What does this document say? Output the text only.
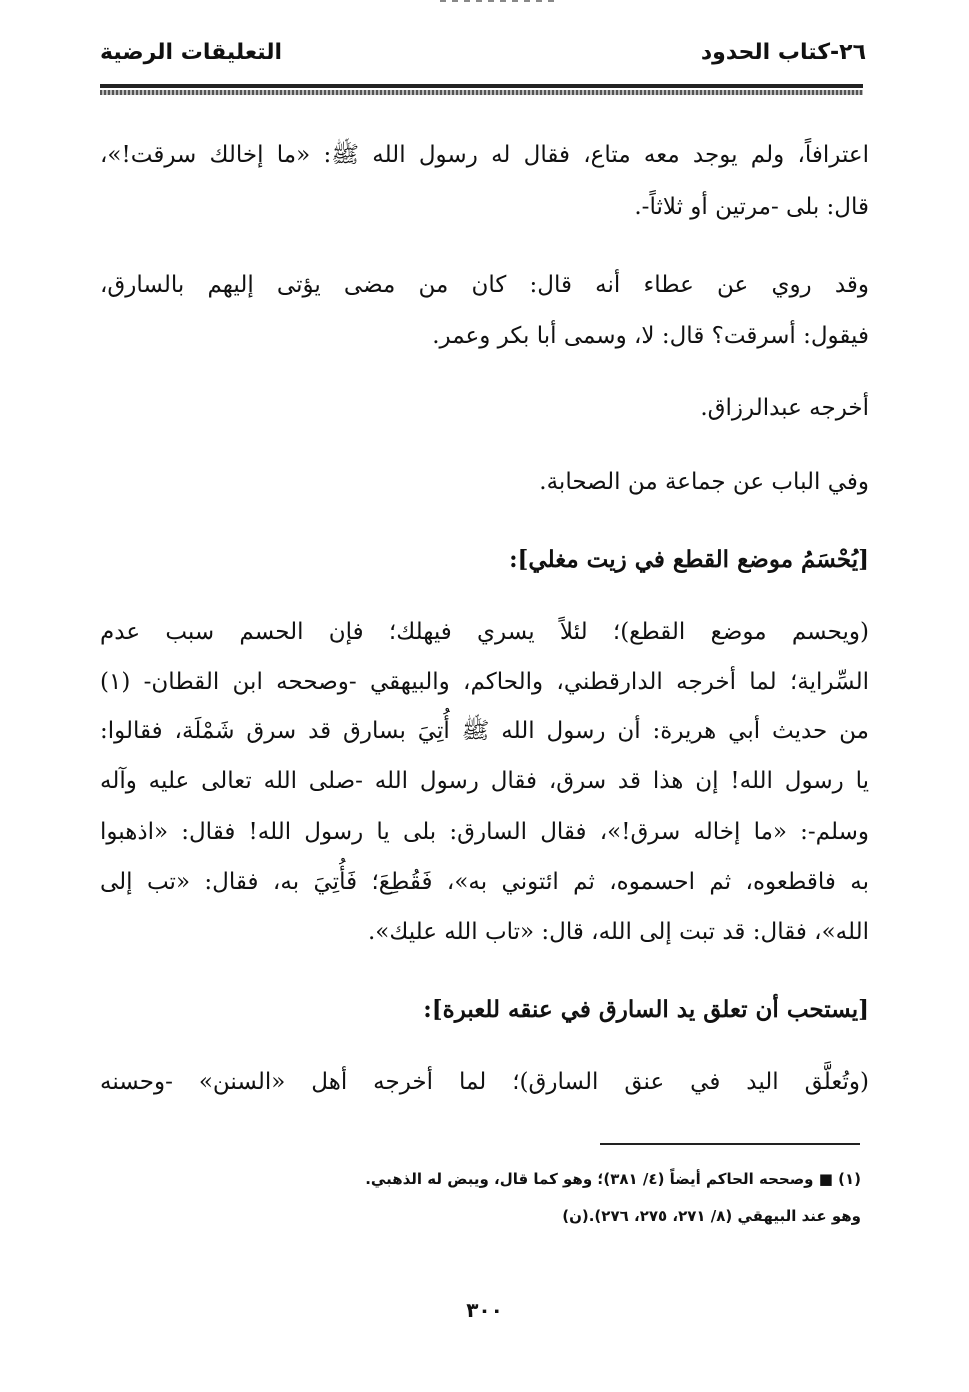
٢٦-كتاب الحدود
التعليقات الرضية
اعترافاً، ولم يوجد معه متاع، فقال له رسول الله ﷺ: «ما إخالك سرقت!»،
قال: بلى -مرتين أو ثلاثاً-.
وقد روي عن عطاء أنه قال: كان من مضى يؤتى إليهم بالسارق،
فيقول: أسرقت؟ قال: لا، وسمى أبا بكر وعمر.
أخرجه عبدالرزاق.
وفي الباب عن جماعة من الصحابة.
[يُحْسَمُ موضع القطع في زيت مغلي]:
(ويحسم موضع القطع)؛ لئلاً يسري فيهلك؛ فإن الحسم سبب عدم
السِّراية؛ لما أخرجه الدارقطني، والحاكم، والبيهقي -وصححه ابن القطان- (١)
من حديث أبي هريرة: أن رسول الله ﷺ أُتِيَ بسارق قد سرق شَمْلَة، فقالوا:
يا رسول الله! إن هذا قد سرق، فقال رسول الله -صلى الله تعالى عليه وآله
وسلم-: «ما إخاله سرق!»، فقال السارق: بلى يا رسول الله! فقال: «اذهبوا
به فاقطعوه، ثم احسموه، ثم ائتوني به»، فَقُطِعَ؛ فَأُتِيَ به، فقال: «تب إلى
الله»، فقال: قد تبت إلى الله، قال: «تاب الله عليك».
[يستحب أن تعلق يد السارق في عنقه للعبرة]:
(وتُعلَّق اليد في عنق السارق)؛ لما أخرجه أهل «السنن» -وحسنه
(١) ■ وصححه الحاكم أيضاً (٤/ ٣٨١)؛ وهو كما قال، ويبض له الذهبي.
وهو عند البيهقي (٨/ ٢٧١، ٢٧٥، ٢٧٦).(ن)
٣٠٠
